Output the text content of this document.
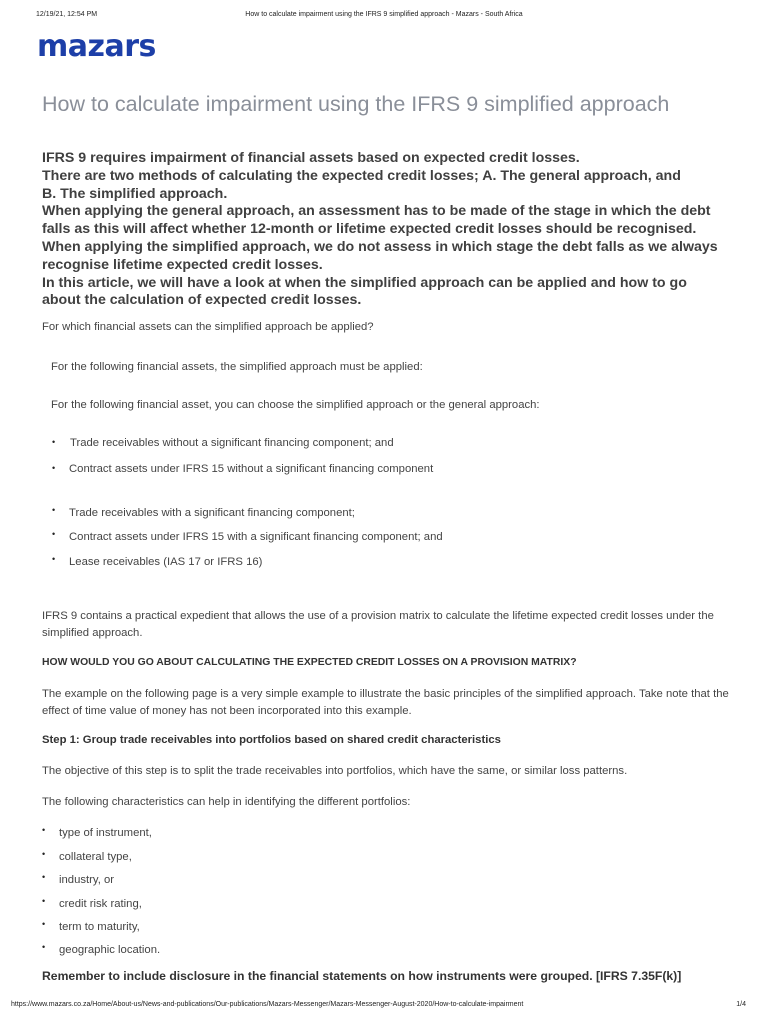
12/19/21, 12:54 PM	How to calculate impairment using the IFRS 9 simplified approach - Mazars - South Africa
mazars
How to calculate impairment using the IFRS 9 simplified approach
IFRS 9 requires impairment of financial assets based on expected credit losses.
There are two methods of calculating the expected credit losses; A. The general approach, and
B. The simplified approach.
When applying the general approach, an assessment has to be made of the stage in which the debt
falls as this will affect whether 12-month or lifetime expected credit losses should be recognised.
When applying the simplified approach, we do not assess in which stage the debt falls as we always
recognise lifetime expected credit losses.
In this article, we will have a look at when the simplified approach can be applied and how to go
about the calculation of expected credit losses.
For which financial assets can the simplified approach be applied?
For the following financial assets, the simplified approach must be applied:
For the following financial asset, you can choose the simplified approach or the general approach:
• Trade receivables without a significant financing component; and
• Contract assets under IFRS 15 without a significant financing component
• Trade receivables with a significant financing component;
• Contract assets under IFRS 15 with a significant financing component; and
• Lease receivables (IAS 17 or IFRS 16)
IFRS 9 contains a practical expedient that allows the use of a provision matrix to calculate the lifetime expected credit losses under the simplified approach.
HOW WOULD YOU GO ABOUT CALCULATING THE EXPECTED CREDIT LOSSES ON A PROVISION MATRIX?
The example on the following page is a very simple example to illustrate the basic principles of the simplified approach. Take note that the effect of time value of money has not been incorporated into this example.
Step 1: Group trade receivables into portfolios based on shared credit characteristics
The objective of this step is to split the trade receivables into portfolios, which have the same, or similar loss patterns.
The following characteristics can help in identifying the different portfolios:
• type of instrument,
• collateral type,
• industry, or
• credit risk rating,
• term to maturity,
• geographic location.
Remember to include disclosure in the financial statements on how instruments were grouped. [IFRS 7.35F(k)]
https://www.mazars.co.za/Home/About-us/News-and-publications/Our-publications/Mazars-Messenger/Mazars-Messenger-August-2020/How-to-calculate-impairment	1/4
